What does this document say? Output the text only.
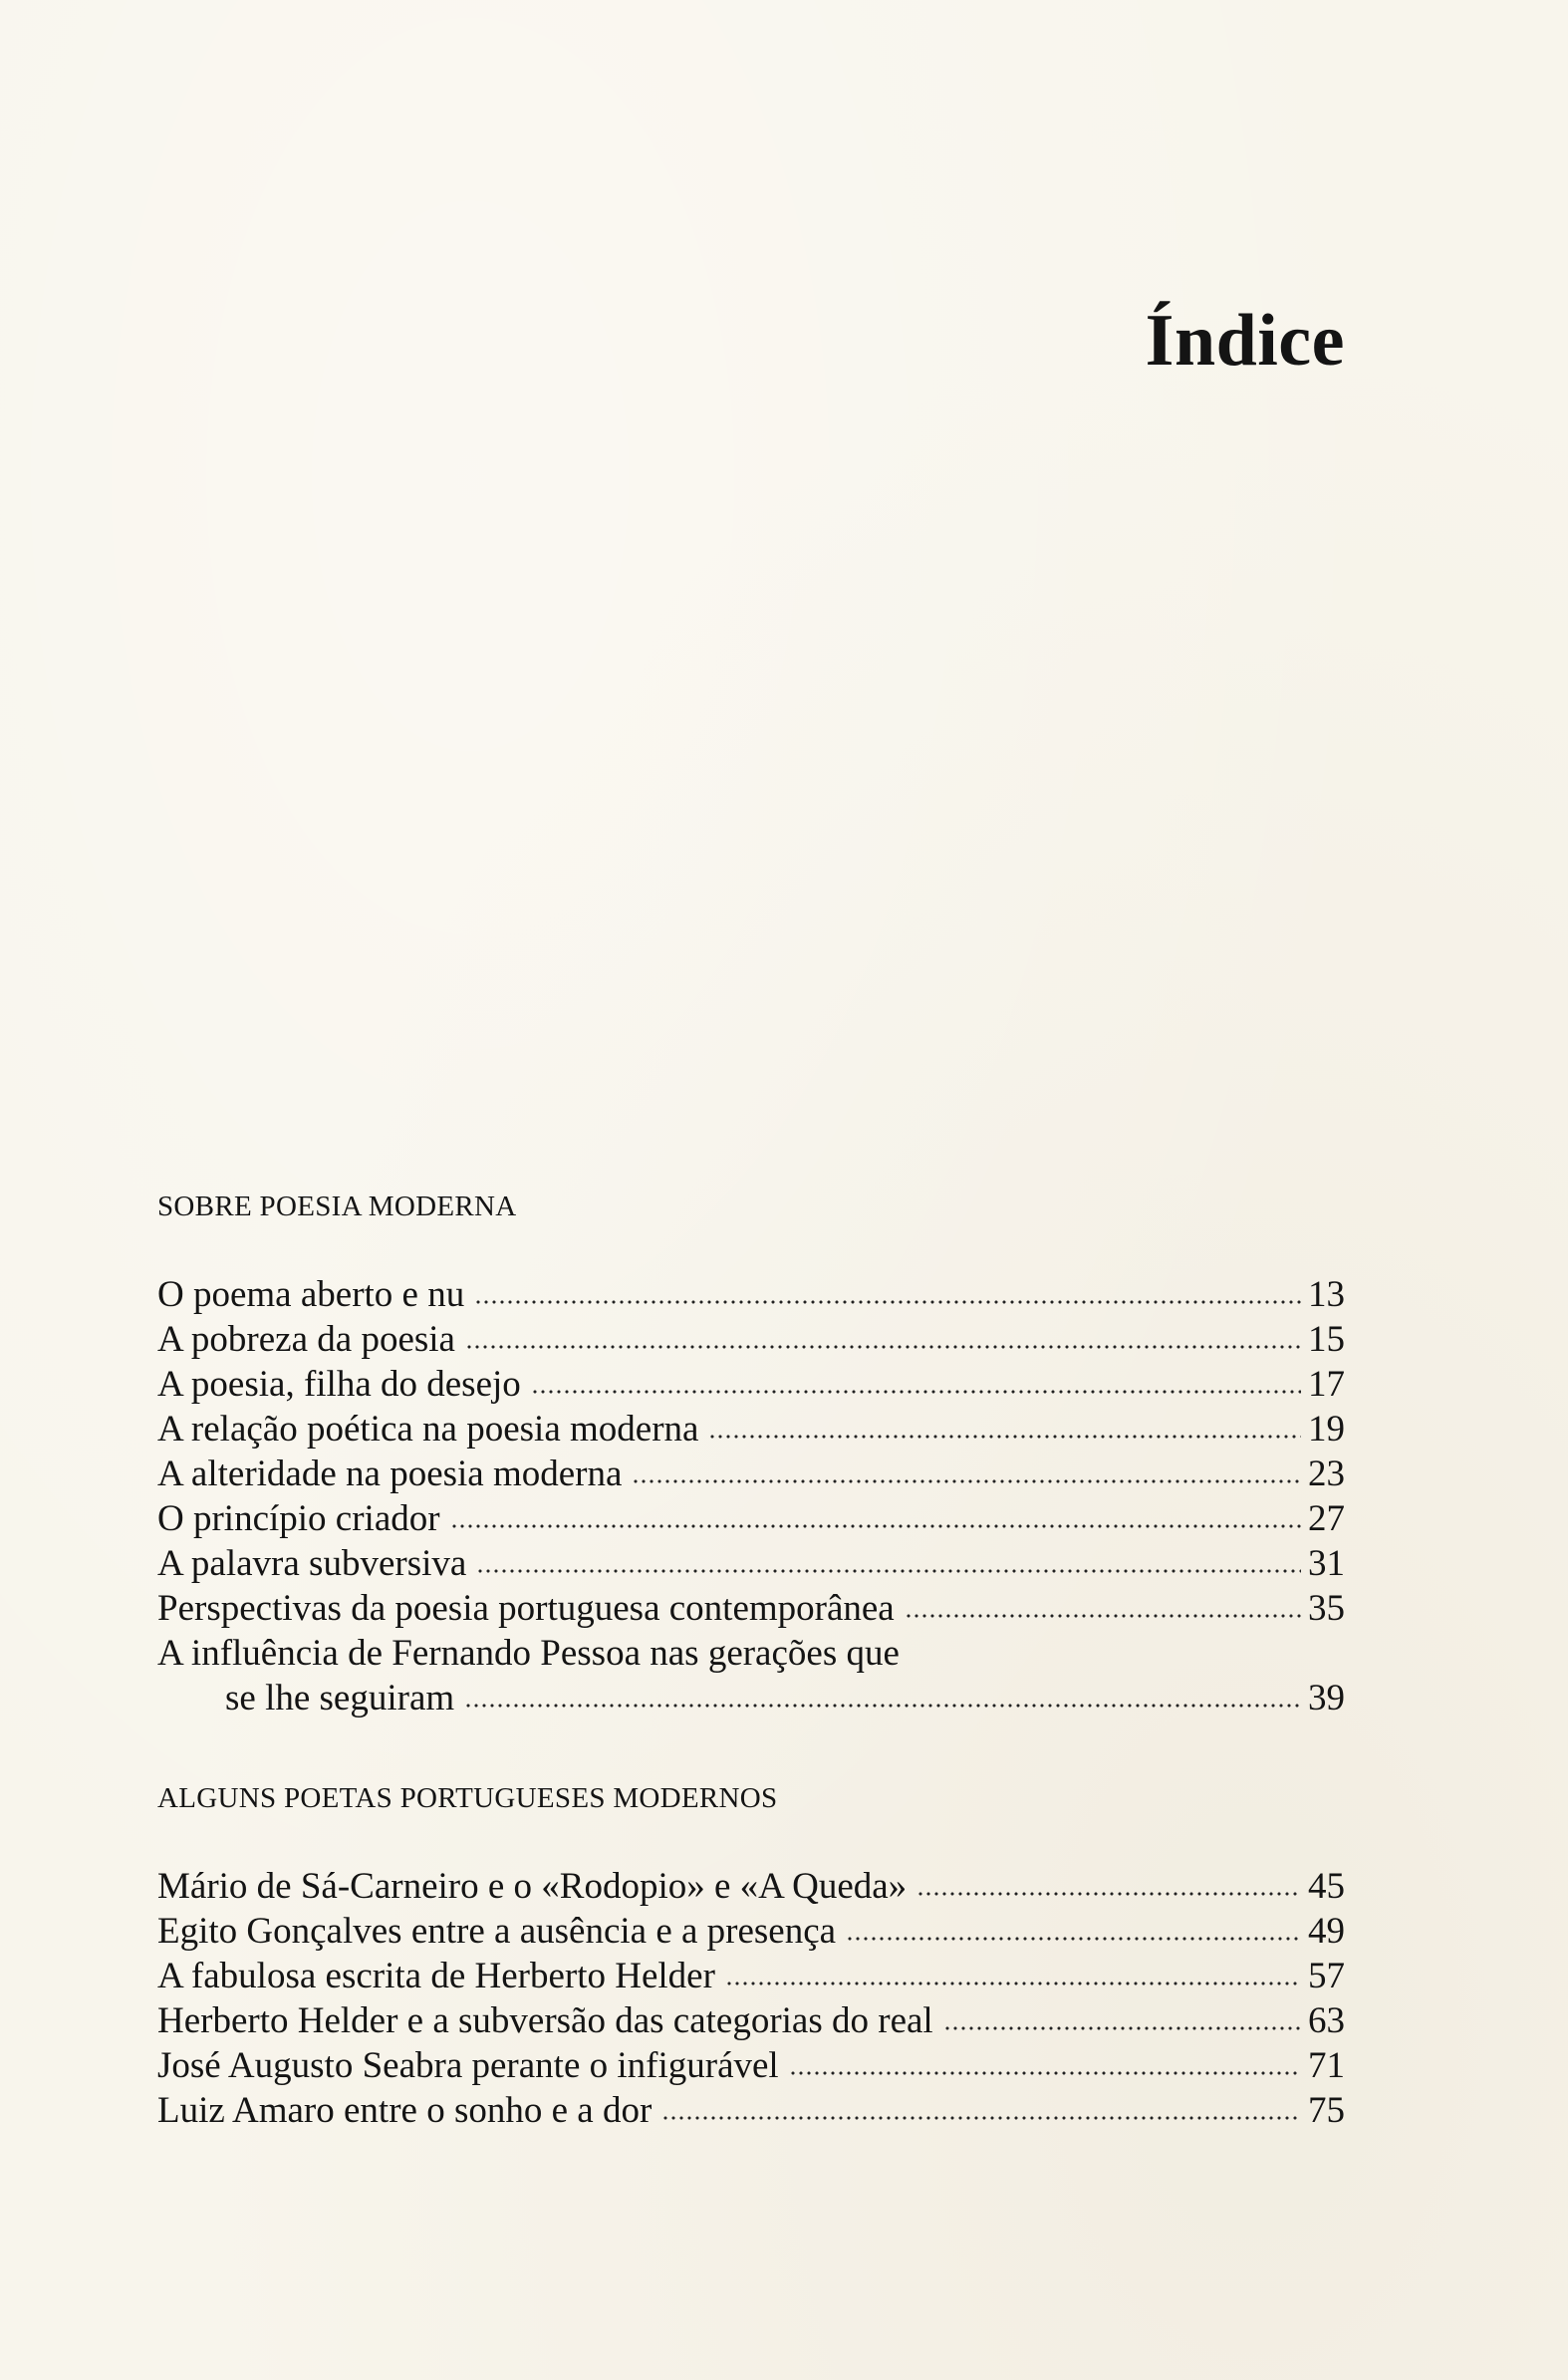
Índice
SOBRE POESIA MODERNA
O poema aberto e nu	13
A pobreza da poesia	15
A poesia, filha do desejo	17
A relação poética na poesia moderna	19
A alteridade na poesia moderna	23
O princípio criador	27
A palavra subversiva	31
Perspectivas da poesia portuguesa contemporânea	35
A influência de Fernando Pessoa nas gerações que
se lhe seguiram	39
ALGUNS POETAS PORTUGUESES MODERNOS
Mário de Sá-Carneiro e o «Rodopio» e «A Queda»	45
Egito Gonçalves entre a ausência e a presença	49
A fabulosa escrita de Herberto Helder	57
Herberto Helder e a subversão das categorias do real	63
José Augusto Seabra perante o infigurável	71
Luiz Amaro entre o sonho e a dor	75
